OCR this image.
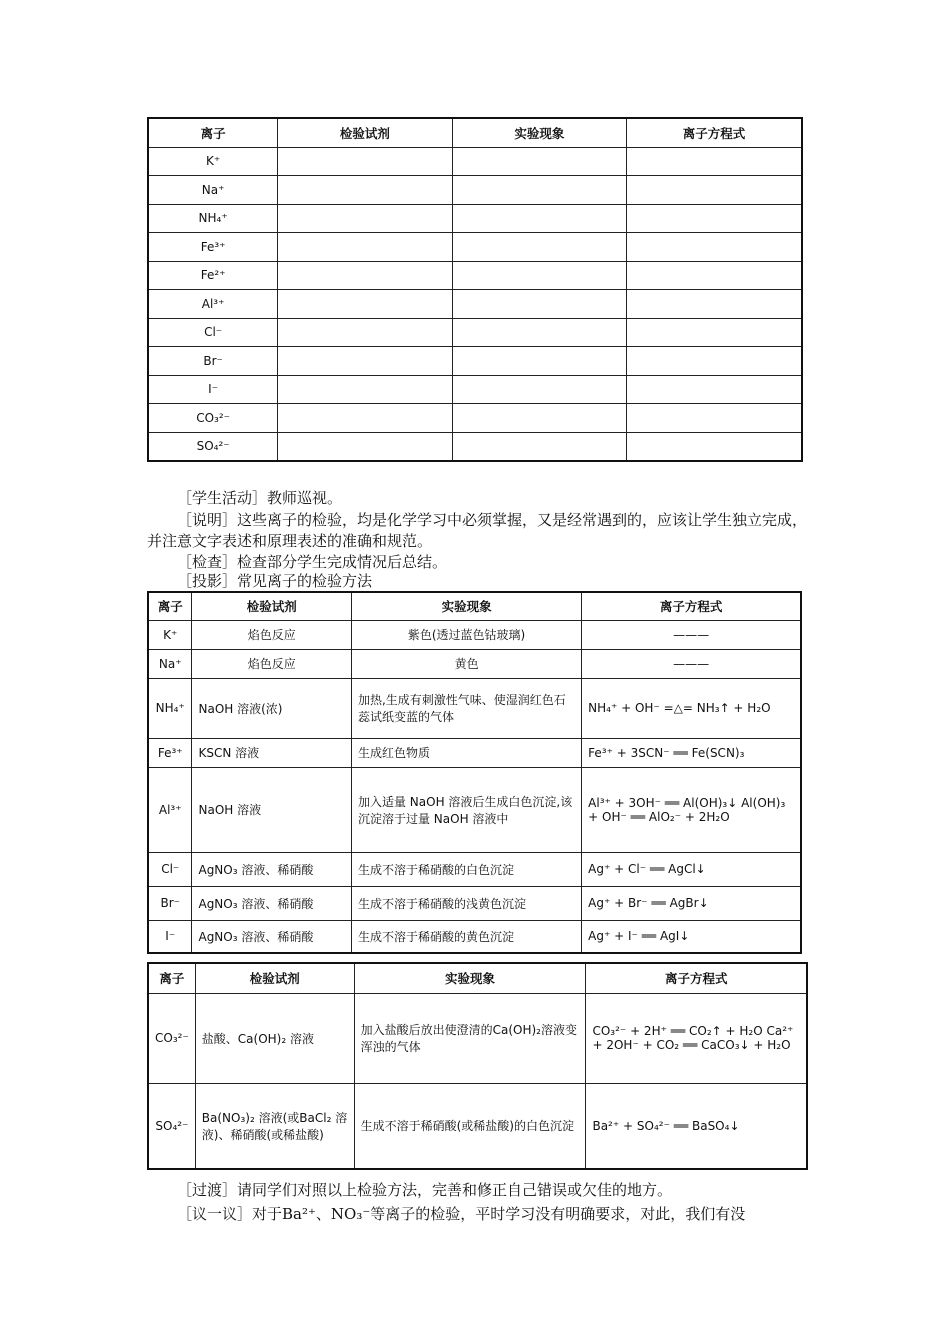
离子	检验试剂	实验现象	离子方程式
K⁺			
Na⁺			
NH₄⁺			
Fe³⁺			
Fe²⁺			
Al³⁺			
Cl⁻			
Br⁻			
I⁻			
CO₃²⁻			
SO₄²⁻			

［学生活动］教师巡视。

［说明］这些离子的检验，均是化学学习中必须掌握，又是经常遇到的，应该让学生独立完成，并注意文字表述和原理表述的准确和规范。

［检查］检查部分学生完成情况后总结。

［投影］常见离子的检验方法

离子	检验试剂	实验现象	离子方程式
K⁺	焰色反应	紫色(透过蓝色钴玻璃)	———
Na⁺	焰色反应	黄色	———
NH₄⁺	NaOH 溶液(浓)	加热,生成有刺激性气味、使湿润红色石蕊试纸变蓝的气体	NH₄⁺ + OH⁻ =△= NH₃↑ + H₂O
Fe³⁺	KSCN 溶液	生成红色物质	Fe³⁺ + 3SCN⁻ ══ Fe(SCN)₃
Al³⁺	NaOH 溶液	加入适量 NaOH 溶液后生成白色沉淀,该沉淀溶于过量 NaOH 溶液中	Al³⁺ + 3OH⁻ ══ Al(OH)₃↓ Al(OH)₃ + OH⁻ ══ AlO₂⁻ + 2H₂O
Cl⁻	AgNO₃ 溶液、稀硝酸	生成不溶于稀硝酸的白色沉淀	Ag⁺ + Cl⁻ ══ AgCl↓
Br⁻	AgNO₃ 溶液、稀硝酸	生成不溶于稀硝酸的浅黄色沉淀	Ag⁺ + Br⁻ ══ AgBr↓
I⁻	AgNO₃ 溶液、稀硝酸	生成不溶于稀硝酸的黄色沉淀	Ag⁺ + I⁻ ══ AgI↓
离子	检验试剂	实验现象	离子方程式
CO₃²⁻	盐酸、Ca(OH)₂ 溶液	加入盐酸后放出使澄清的Ca(OH)₂溶液变浑浊的气体	CO₃²⁻ + 2H⁺ ══ CO₂↑ + H₂O Ca²⁺ + 2OH⁻ + CO₂ ══ CaCO₃↓ + H₂O
SO₄²⁻	Ba(NO₃)₂ 溶液(或BaCl₂ 溶液)、稀硝酸(或稀盐酸)	生成不溶于稀硝酸(或稀盐酸)的白色沉淀	Ba²⁺ + SO₄²⁻ ══ BaSO₄↓

［过渡］请同学们对照以上检验方法，完善和修正自己错误或欠佳的地方。

［议一议］对于Ba²⁺、NO₃⁻等离子的检验，平时学习没有明确要求，对此，我们有没
